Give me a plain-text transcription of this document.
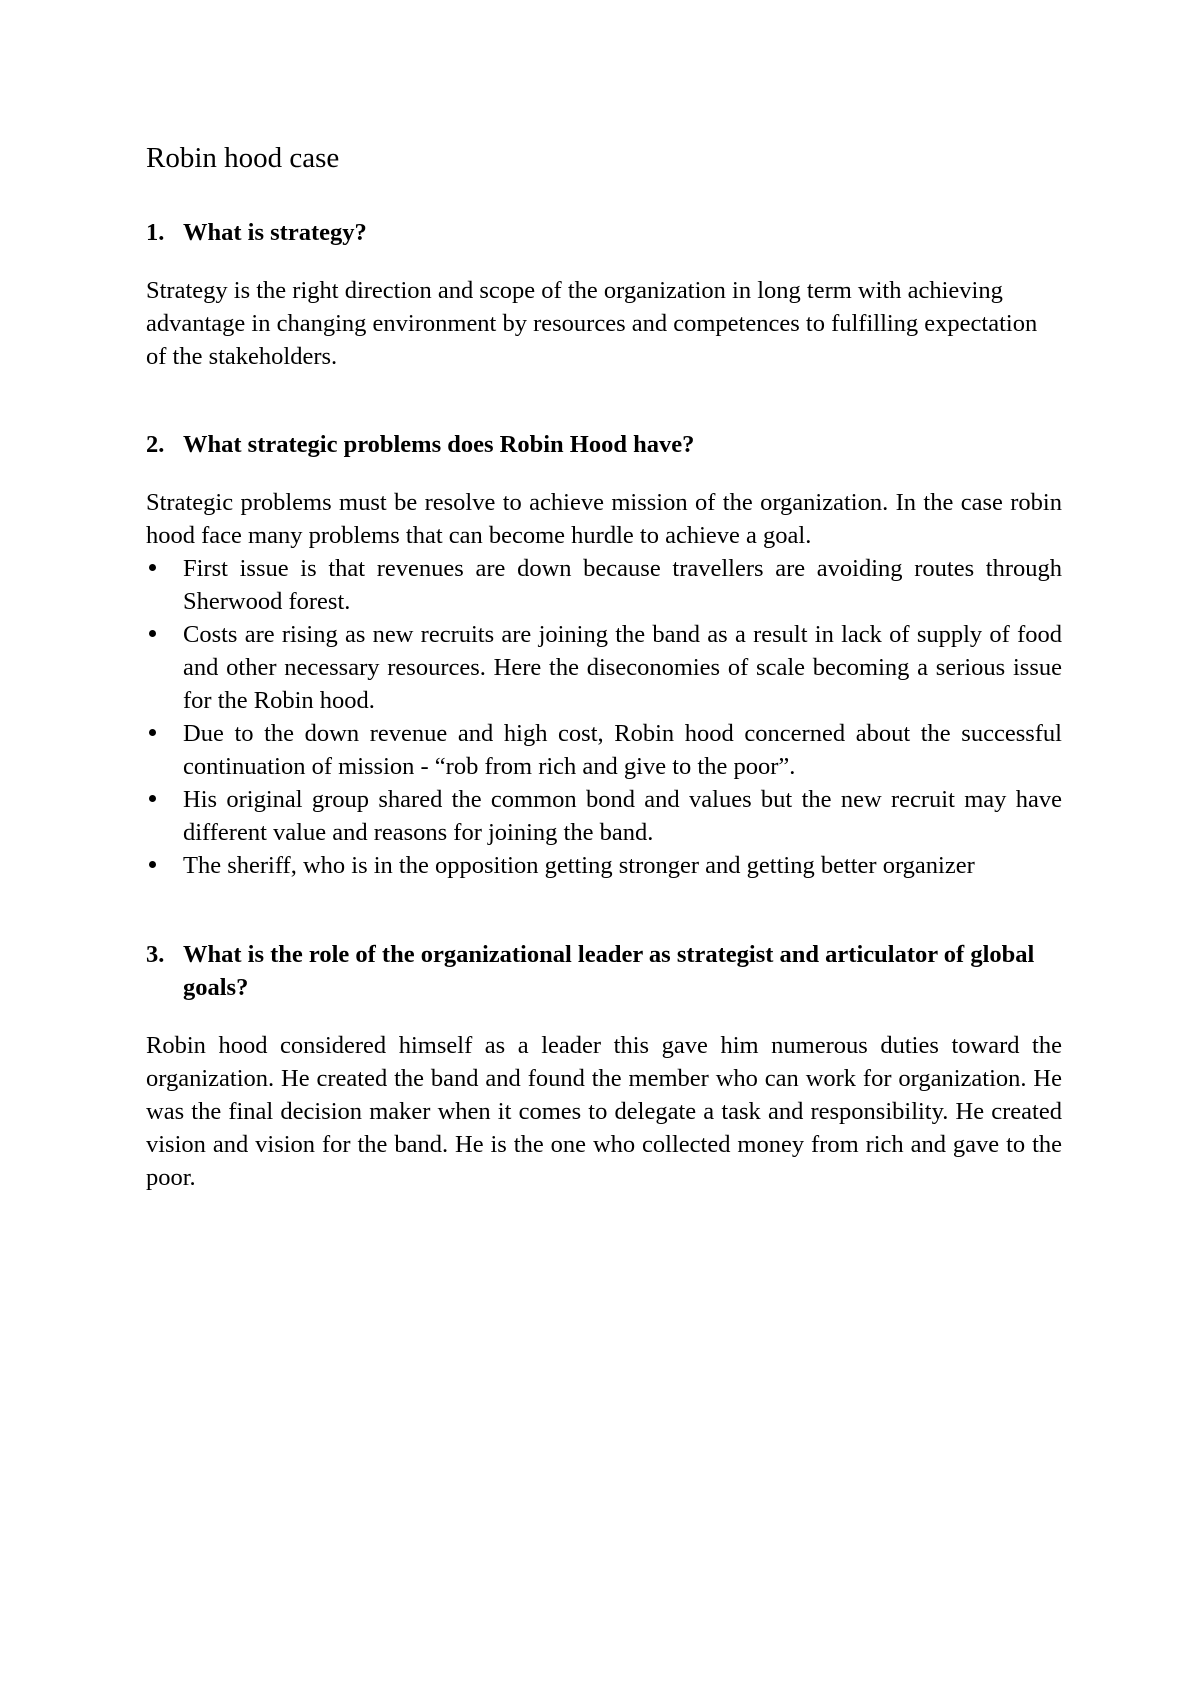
Robin hood case
1. What is strategy?

Strategy is the right direction and scope of the organization in long term with achieving advantage in changing environment by resources and competences to fulfilling expectation of the stakeholders.

2. What strategic problems does Robin Hood have?

Strategic problems must be resolve to achieve mission of the organization. In the case robin hood face many problems that can become hurdle to achieve a goal.

First issue is that revenues are down because travellers are avoiding routes through Sherwood forest.
Costs are rising as new recruits are joining the band as a result in lack of supply of food and other necessary resources. Here the diseconomies of scale becoming a serious issue for the Robin hood.
Due to the down revenue and high cost, Robin hood concerned about the successful continuation of mission - “rob from rich and give to the poor”.
His original group shared the common bond and values but the new recruit may have different value and reasons for joining the band.
The sheriff, who is in the opposition getting stronger and getting better organizer
3. What is the role of the organizational leader as strategist and articulator of global goals?

Robin hood considered himself as a leader this gave him numerous duties toward the organization. He created the band and found the member who can work for organization. He was the final decision maker when it comes to delegate a task and responsibility. He created vision and vision for the band. He is the one who collected money from rich and gave to the poor.
